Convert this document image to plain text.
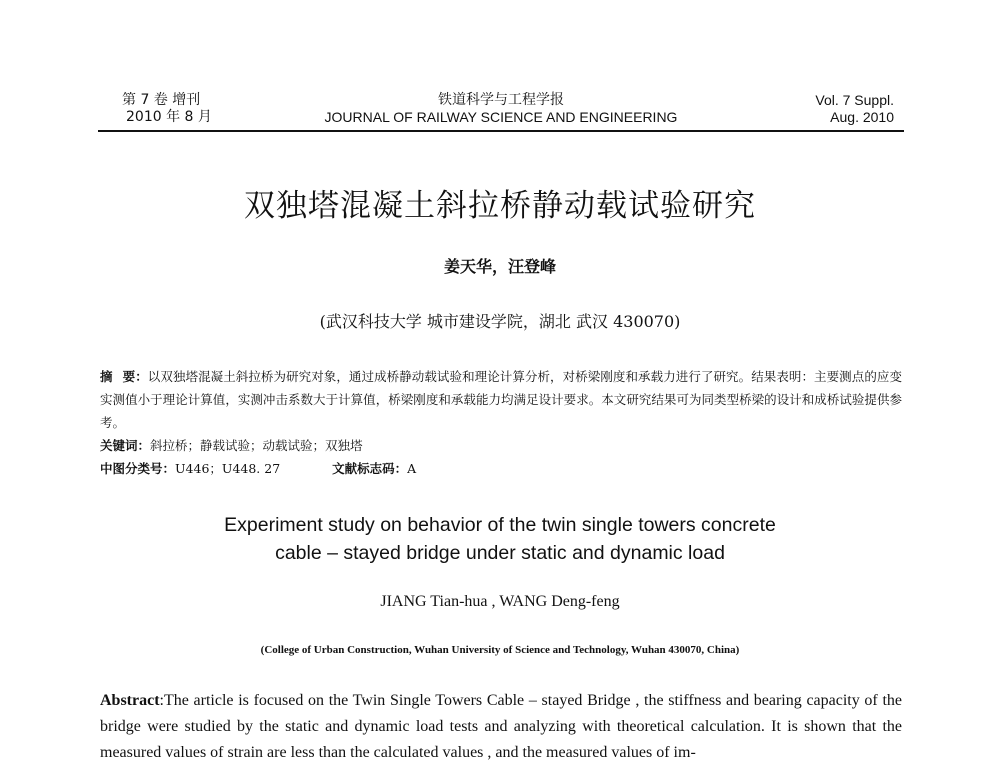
第 7 卷 增刊
2010 年 8 月
铁道科学与工程学报
JOURNAL OF RAILWAY SCIENCE AND ENGINEERING
Vol. 7 Suppl.
Aug. 2010
双独塔混凝土斜拉桥静动载试验研究
姜天华，汪登峰
(武汉科技大学 城市建设学院，湖北 武汉 430070)
摘 要：以双独塔混凝土斜拉桥为研究对象，通过成桥静动载试验和理论计算分析，对桥梁刚度和承载力进行了研究。结果表明：主要测点的应变实测值小于理论计算值，实测冲击系数大于计算值，桥梁刚度和承载能力均满足设计要求。本文研究结果可为同类型桥梁的设计和成桥试验提供参考。
关键词：斜拉桥；静载试验；动载试验；双独塔
中图分类号：U446；U448. 27	文献标志码：A
Experiment study on behavior of the twin single towers concrete
cable – stayed bridge under static and dynamic load
JIANG Tian-hua , WANG Deng-feng
(College of Urban Construction, Wuhan University of Science and Technology, Wuhan 430070, China)
Abstract:The article is focused on the Twin Single Towers Cable – stayed Bridge , the stiffness and bearing capacity of the bridge were studied by the static and dynamic load tests and analyzing with theoretical calculation. It is shown that the measured values of strain are less than the calculated values , and the measured values of im-
